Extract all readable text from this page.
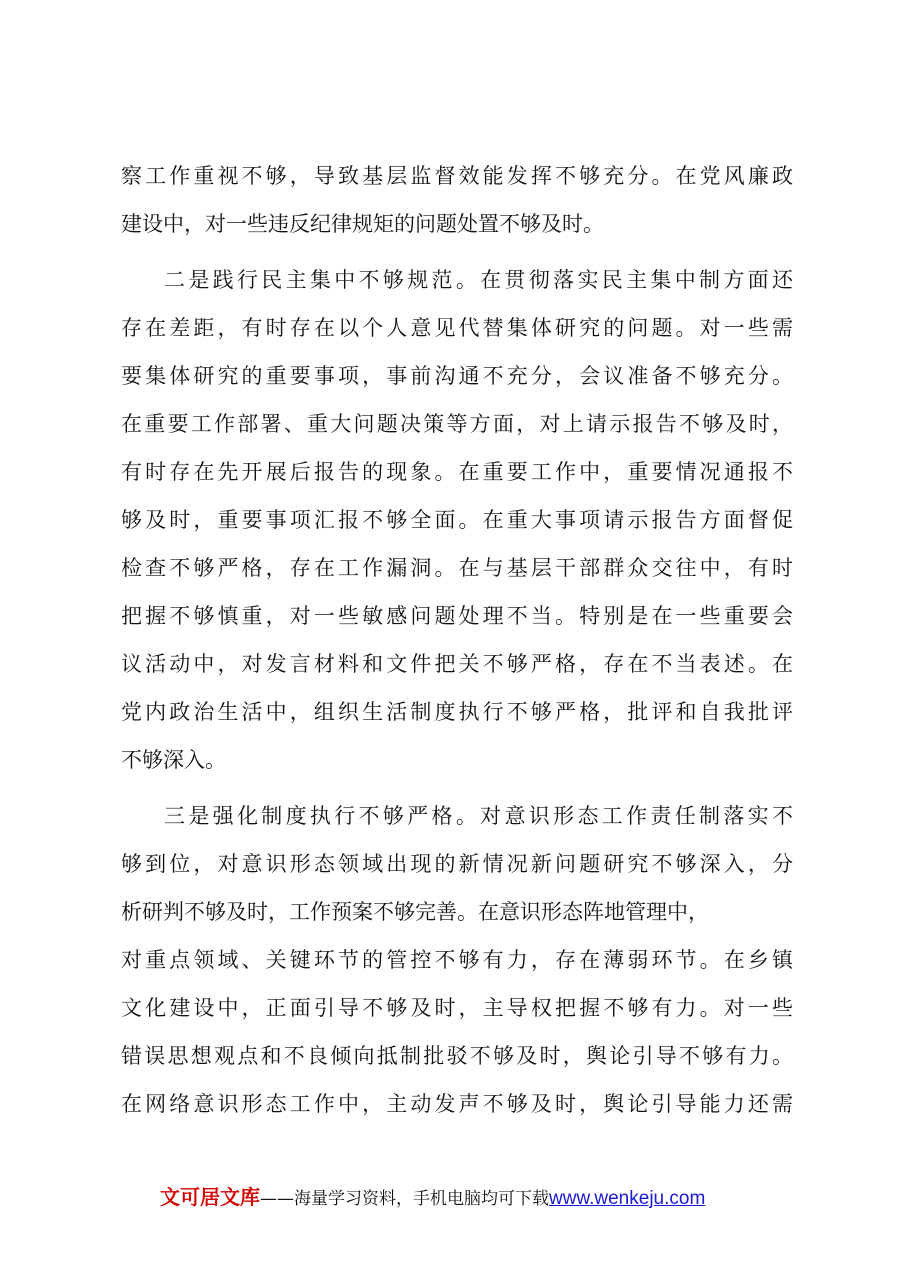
察工作重视不够，导致基层监督效能发挥不够充分。在党风廉政
建设中，对一些违反纪律规矩的问题处置不够及时。
二是践行民主集中不够规范。在贯彻落实民主集中制方面还
存在差距，有时存在以个人意见代替集体研究的问题。对一些需
要集体研究的重要事项，事前沟通不充分，会议准备不够充分。
在重要工作部署、重大问题决策等方面，对上请示报告不够及时，
有时存在先开展后报告的现象。在重要工作中，重要情况通报不
够及时，重要事项汇报不够全面。在重大事项请示报告方面督促
检查不够严格，存在工作漏洞。在与基层干部群众交往中，有时
把握不够慎重，对一些敏感问题处理不当。特别是在一些重要会
议活动中，对发言材料和文件把关不够严格，存在不当表述。在
党内政治生活中，组织生活制度执行不够严格，批评和自我批评
不够深入。
三是强化制度执行不够严格。对意识形态工作责任制落实不
够到位，对意识形态领域出现的新情况新问题研究不够深入，分
析研判不够及时，工作预案不够完善。在意识形态阵地管理中，
对重点领域、关键环节的管控不够有力，存在薄弱环节。在乡镇
文化建设中，正面引导不够及时，主导权把握不够有力。对一些
错误思想观点和不良倾向抵制批驳不够及时，舆论引导不够有力。
在网络意识形态工作中，主动发声不够及时，舆论引导能力还需
文可居文库——海量学习资料，手机电脑均可下载www.wenkeju.com
